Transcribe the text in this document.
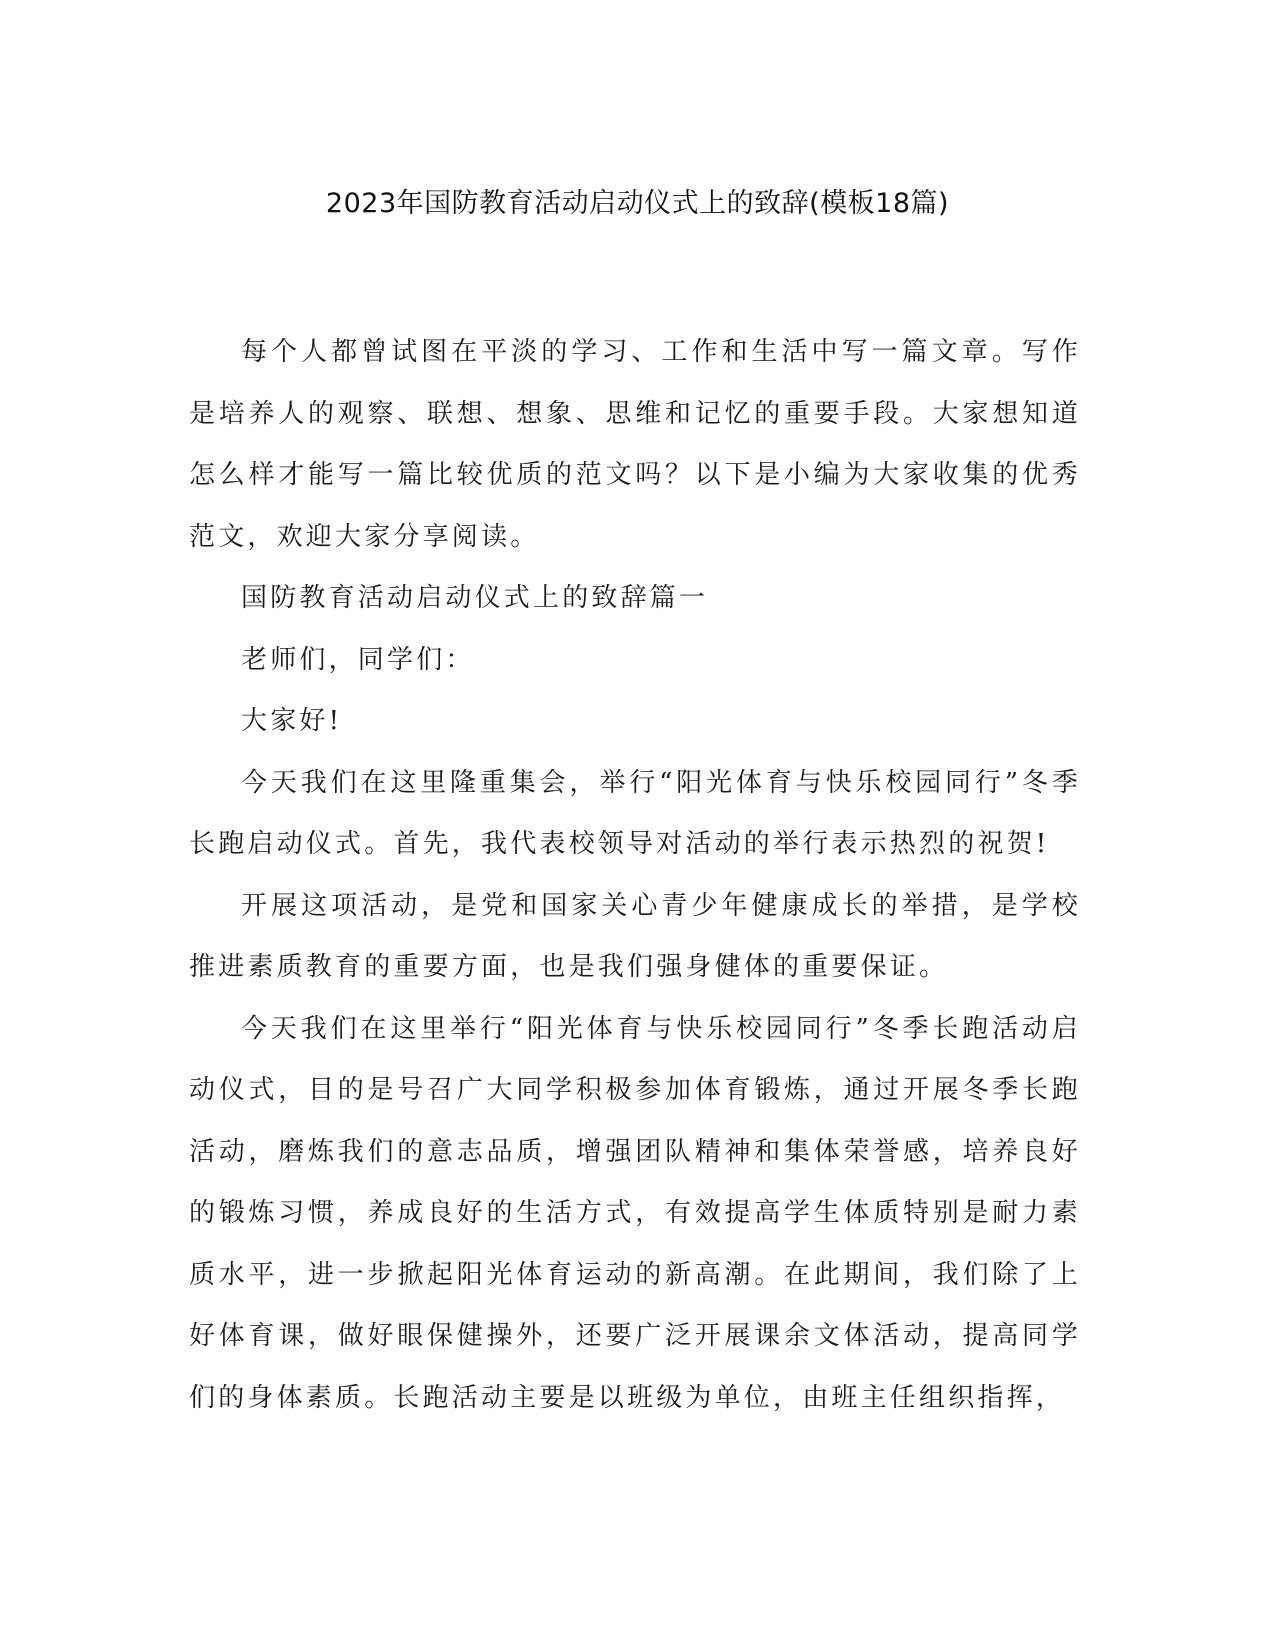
2023年国防教育活动启动仪式上的致辞(模板18篇)

每个人都曾试图在平淡的学习、工作和生活中写一篇文章。写作是培养人的观察、联想、想象、思维和记忆的重要手段。大家想知道怎么样才能写一篇比较优质的范文吗？以下是小编为大家收集的优秀范文，欢迎大家分享阅读。

国防教育活动启动仪式上的致辞篇一

老师们，同学们：

大家好!

今天我们在这里隆重集会，举行“阳光体育与快乐校园同行”冬季长跑启动仪式。首先，我代表校领导对活动的举行表示热烈的祝贺!

开展这项活动，是党和国家关心青少年健康成长的举措，是学校推进素质教育的重要方面，也是我们强身健体的重要保证。

今天我们在这里举行“阳光体育与快乐校园同行”冬季长跑活动启动仪式，目的是号召广大同学积极参加体育锻炼，通过开展冬季长跑活动，磨炼我们的意志品质，增强团队精神和集体荣誉感，培养良好的锻炼习惯，养成良好的生活方式，有效提高学生体质特别是耐力素质水平，进一步掀起阳光体育运动的新高潮。在此期间，我们除了上好体育课，做好眼保健操外，还要广泛开展课余文体活动，提高同学们的身体素质。长跑活动主要是以班级为单位，由班主任组织指挥，
